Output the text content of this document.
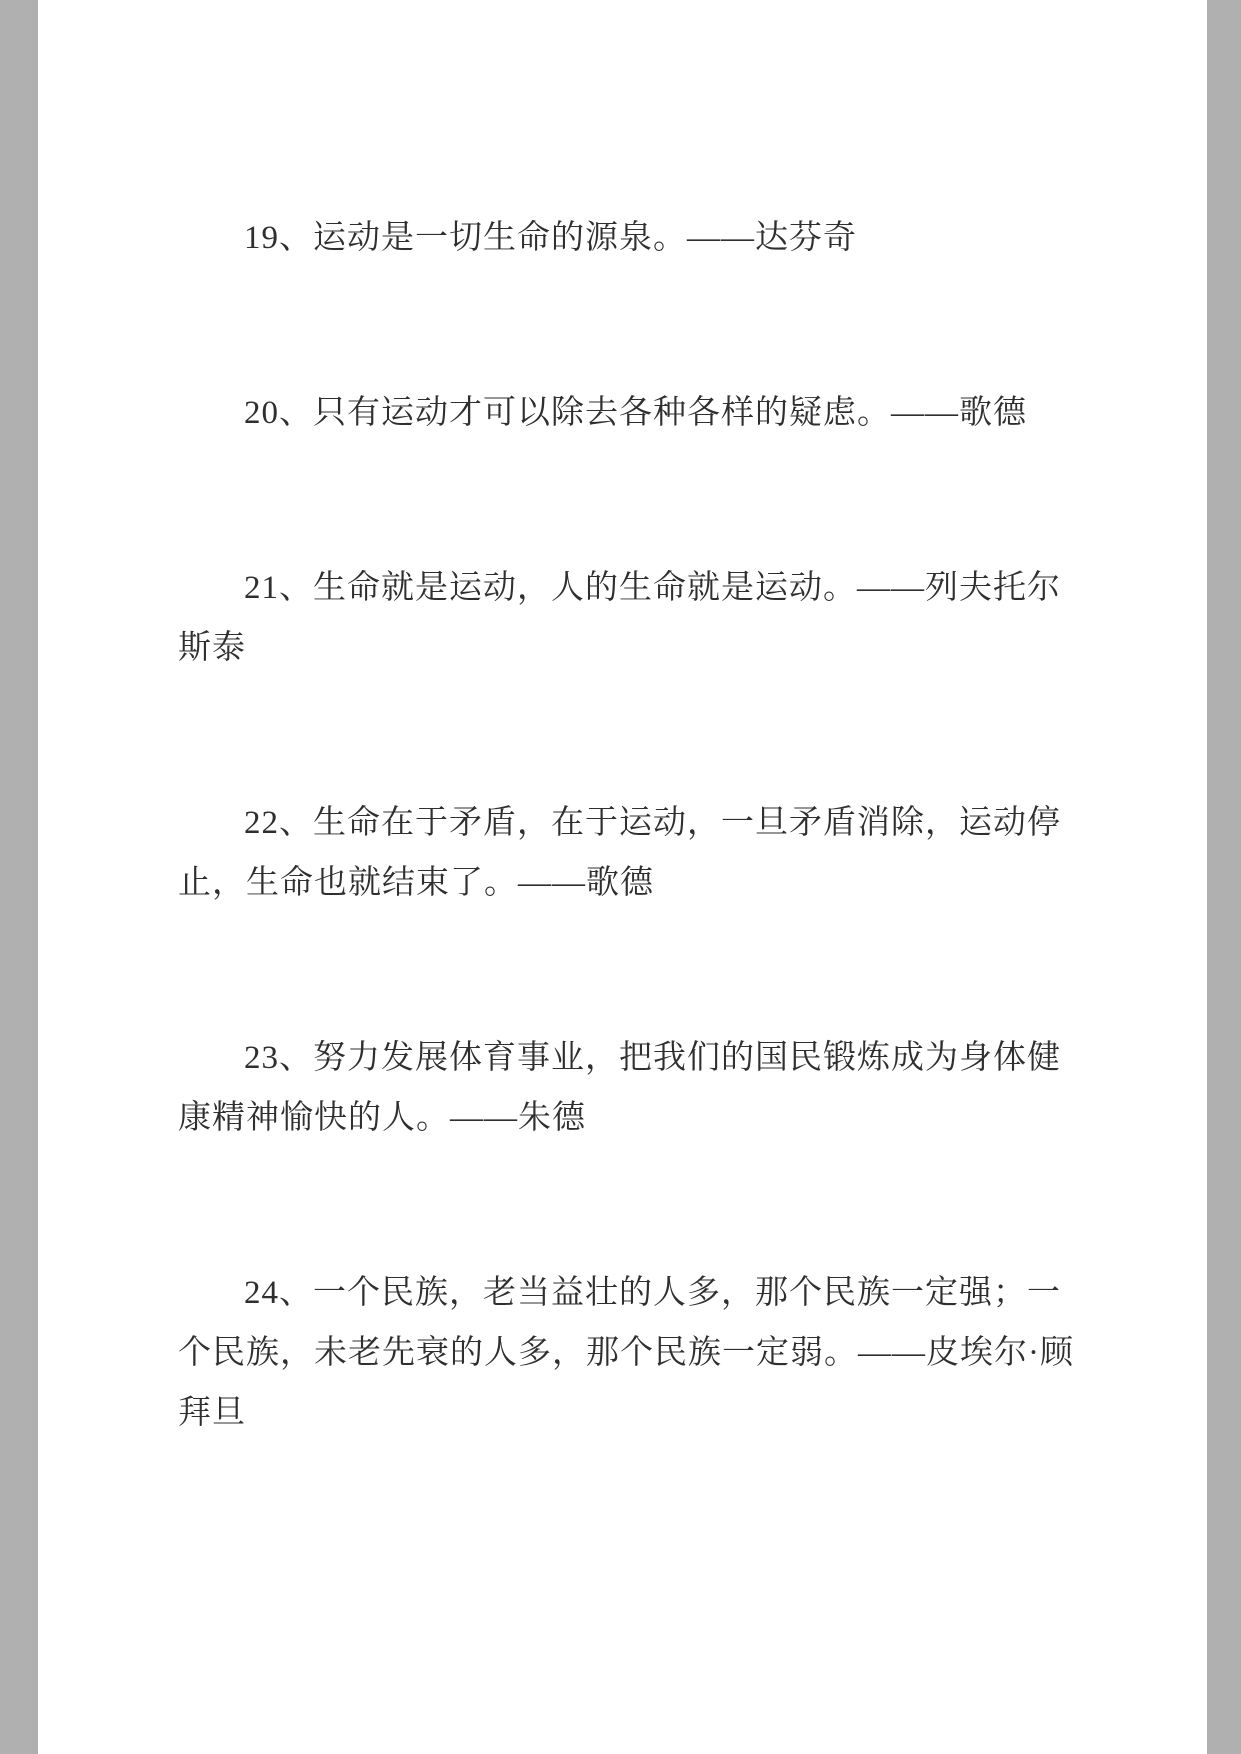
19、运动是一切生命的源泉。——达芬奇

20、只有运动才可以除去各种各样的疑虑。——歌德

21、生命就是运动，人的生命就是运动。——列夫托尔斯泰

22、生命在于矛盾，在于运动，一旦矛盾消除，运动停止，生命也就结束了。——歌德

23、努力发展体育事业，把我们的国民锻炼成为身体健康精神愉快的人。——朱德

24、一个民族，老当益壮的人多，那个民族一定强；一个民族，未老先衰的人多，那个民族一定弱。——皮埃尔·顾拜旦
